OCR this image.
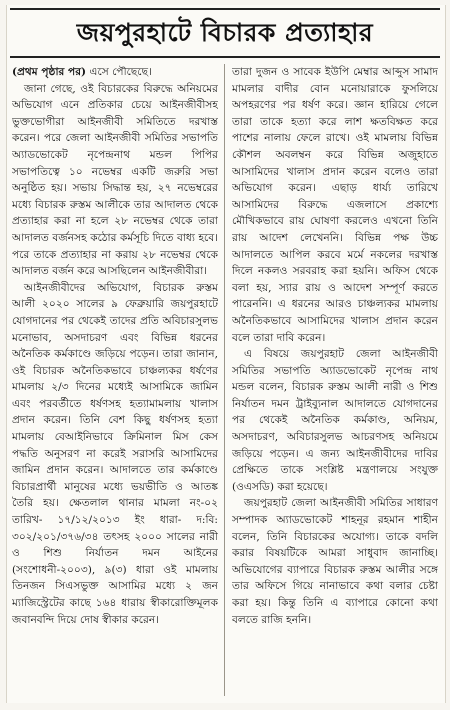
জয়পুরহাটে বিচারক প্রত্যাহার

(প্রথম পৃষ্ঠার পর) এসে পৌছেছে।

জানা গেছে, ওই বিচারকের বিরুদ্ধে অনিয়মের অভিযোগ এনে প্রতিকার চেয়ে আইনজীবীসহ ভুক্তভোগীরা আইনজীবী সমিতিতে দরখাস্ত করেন। পরে জেলা আইনজীবী সমিতির সভাপতি অ্যাডভোকেট নৃপেন্দ্রনাথ মন্ডল পিপির সভাপতিত্বে ১০ নভেম্বর একটি জরুরি সভা অনুষ্ঠিত হয়। সভায় সিদ্ধান্ত হয়, ২৭ নভেম্বরের মধ্যে বিচারক রুস্তম আলীকে তার আদালত থেকে প্রত্যাহার করা না হলে ২৮ নভেম্বর থেকে তারা আদালত বর্জনসহ কঠোর কর্মসূচি দিতে বাধ্য হবে। পরে তাকে প্রত্যাহার না করায় ২৮ নভেম্বর থেকে আদালত বর্জন করে আসছিলেন আইনজীবীরা।

আইনজীবীদের অভিযোগ, বিচারক রুস্তম আলী ২০২০ সালের ৯ ফেব্রুয়ারি জয়পুরহাটে যোগদানের পর থেকেই তাদের প্রতি অবিচারসুলভ মনোভাব, অসদাচরণ এবং বিভিন্ন ধরনের অনৈতিক কর্মকাণ্ডে জড়িয়ে পড়েন। তারা জানান, ওই বিচারক অনৈতিকভাবে চাঞ্চল্যকর ধর্ষণের মামলায় ২/৩ দিনের মধ্যেই আসামিকে জামিন এবং পরবর্তীতে ধর্ষণসহ হত্যামামলায় খালাস প্রদান করেন। তিনি বেশ কিছু ধর্ষণসহ হত্যা মামলায় বেআইনিভাবে ক্রিমিনাল মিস কেস পদ্ধতি অনুসরণ না করেই সরাসরি আসামিদের জামিন প্রদান করেন। আদালতে তার কর্মকাণ্ডে বিচারপ্রার্থী মানুষের মধ্যে ভয়ভীতি ও আতঙ্ক তৈরি হয়। ক্ষেতলাল থানার মামলা নং-০২ তারিখ- ১৭/১২/২০১৩ ইং ধারা- দ:বি: ৩০২/২০১/৩৭৬/৩৪ তৎসহ ২০০০ সালের নারী ও শিশু নির্যাতন দমন আইনের (সংশোধনী-২০০৩), ৯(৩) ধারা ওই মামলায় তিনজন সিএসভুক্ত আসামির মধ্যে ২ জন ম্যাজিস্ট্রেটের কাছে ১৬৪ ধারায় স্বীকারোক্তিমূলক জবানবন্দি দিয়ে দোষ স্বীকার করেন।

তারা দুজন ও সাবেক ইউপি মেম্বার আব্দুস সামাদ মামলার বাদীর বোন মনোয়ারাকে ফুসলিয়ে অপহরণের পর ধর্ষণ করে। জ্ঞান হারিয়ে গেলে তারা তাকে হত্যা করে লাশ ক্ষতবিক্ষত করে পাশের নালায় ফেলে রাখে। ওই মামলায় বিভিন্ন কৌশল অবলম্বন করে বিভিন্ন অজুহাতে আসামিদের খালাস প্রদান করেন বলেও তারা অভিযোগ করেন। এছাড় ধার্য্য তারিখে আসামিদের বিরুদ্ধে এজলাসে প্রকাশ্যে মৌখিকভাবে রায় ঘোষণা করলেও এখনো তিনি রায় আদেশ লেখেননি। বিভিন্ন পক্ষ উচ্চ আদালতে আপিল করবে মর্মে নকলের দরখাস্ত দিলে নকলও সরবরাহ করা হয়নি। অফিস থেকে বলা হয়, স্যার রায় ও আদেশ সম্পূর্ণ করতে পারেননি। এ ধরনের আরও চাঞ্চল্যকর মামলায় অনৈতিকভাবে আসামিদের খালাস প্রদান করেন বলে তারা দাবি করেন।

এ বিষয়ে জয়পুরহাট জেলা আইনজীবী সমিতির সভাপতি অ্যাডভোকেট নৃপেন্দ্র নাথ মন্ডল বলেন, বিচারক রুস্তম আলী নারী ও শিশু নির্যাতন দমন ট্রাইব্যুনাল আদালতে যোগদানের পর থেকেই অনৈতিক কর্মকাণ্ড, অনিয়ম, অসদাচরণ, অবিচারসুলভ আচরণসহ অনিয়মে জড়িয়ে পড়েন। এ জন্য আইনজীবীদের দাবির প্রেক্ষিতে তাকে সংশ্লিষ্ট মন্ত্রণালয়ে সংযুক্ত (ওএসডি) করা হয়েছে।

জয়পুরহাট জেলা আইনজীবী সমিতির সাধারণ সম্পাদক অ্যাডভোকেট শাহনূর রহমান শাহীন বলেন, তিনি বিচারকের অযোগ্য। তাকে বদলি করার বিষয়টিকে আমরা সাধুবাদ জানাচ্ছি। অভিযোগের ব্যাপারে বিচারক রুস্তম আলীর সঙ্গে তার অফিসে গিয়ে নানাভাবে কথা বলার চেষ্টা করা হয়। কিন্তু তিনি এ ব্যাপারে কোনো কথা বলতে রাজি হননি।
